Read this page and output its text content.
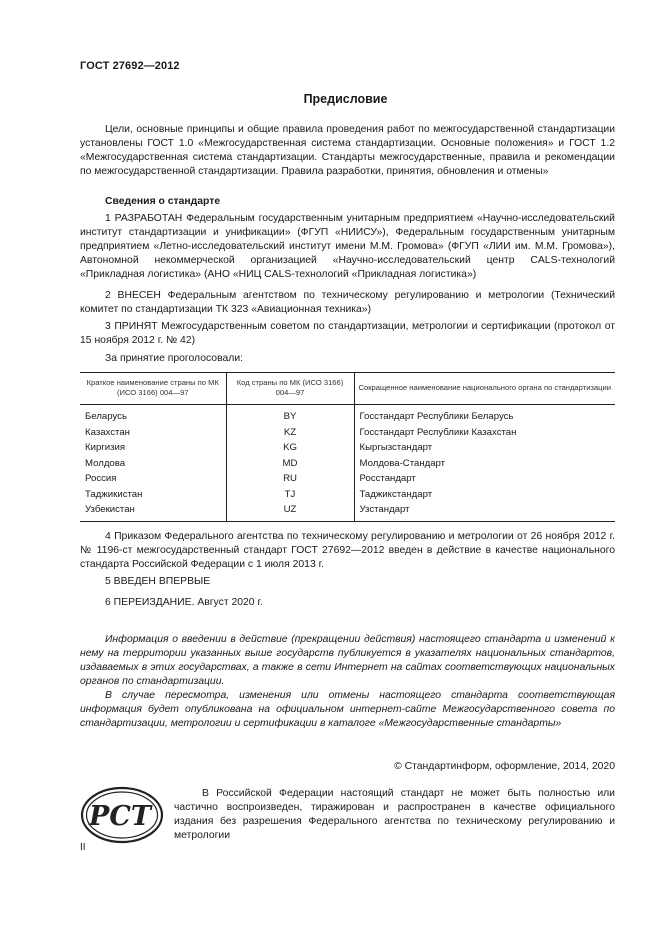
ГОСТ 27692—2012
Предисловие

Цели, основные принципы и общие правила проведения работ по межгосударственной стандартизации установлены ГОСТ 1.0 «Межгосударственная система стандартизации. Основные положения» и ГОСТ 1.2 «Межгосударственная система стандартизации. Стандарты межгосударственные, правила и рекомендации по межгосударственной стандартизации. Правила разработки, принятия, обновления и отмены»

Сведения о стандарте

1 РАЗРАБОТАН Федеральным государственным унитарным предприятием «Научно-исследовательский институт стандартизации и унификации» (ФГУП «НИИСУ»), Федеральным государственным унитарным предприятием «Летно-исследовательский институт имени М.М. Громова» (ФГУП «ЛИИ им. М.М. Громова»), Автономной некоммерческой организацией «Научно-исследовательский центр CALS-технологий «Прикладная логистика» (АНО «НИЦ CALS-технологий «Прикладная логистика»)

2 ВНЕСЕН Федеральным агентством по техническому регулированию и метрологии (Технический комитет по стандартизации ТК 323 «Авиационная техника»)

3 ПРИНЯТ Межгосударственным советом по стандартизации, метрологии и сертификации (протокол от 15 ноября 2012 г. № 42)

За принятие проголосовали:

Краткое наименование страны по МК (ИСО 3166) 004—97	Код страны по МК (ИСО 3166) 004—97	Сокращенное наименование национального органа по стандартизации
Беларусь	BY	Госстандарт Республики Беларусь
Казахстан	KZ	Госстандарт Республики Казахстан
Киргизия	KG	Кыргызстандарт
Молдова	MD	Молдова-Стандарт
Россия	RU	Росстандарт
Таджикистан	TJ	Таджикстандарт
Узбекистан	UZ	Узстандарт

4 Приказом Федерального агентства по техническому регулированию и метрологии от 26 ноября 2012 г. № 1196-ст межгосударственный стандарт ГОСТ 27692—2012 введен в действие в качестве национального стандарта Российской Федерации с 1 июля 2013 г.

5 ВВЕДЕН ВПЕРВЫЕ

6 ПЕРЕИЗДАНИЕ. Август 2020 г.

Информация о введении в действие (прекращении действия) настоящего стандарта и изменений к нему на территории указанных выше государств публикуется в указателях национальных стандартов, издаваемых в этих государствах, а также в сети Интернет на сайтах соответствующих национальных органов по стандартизации.

В случае пересмотра, изменения или отмены настоящего стандарта соответствующая информация будет опубликована на официальном интернет-сайте Межгосударственного совета по стандартизации, метрологии и сертификации в каталоге «Межгосударственные стандарты»

© Стандартинформ, оформление, 2014, 2020
РСТ
В Российской Федерации настоящий стандарт не может быть полностью или частично воспроизведен, тиражирован и распространен в качестве официального издания без разрешения Федерального агентства по техническому регулированию и метрологии
II
